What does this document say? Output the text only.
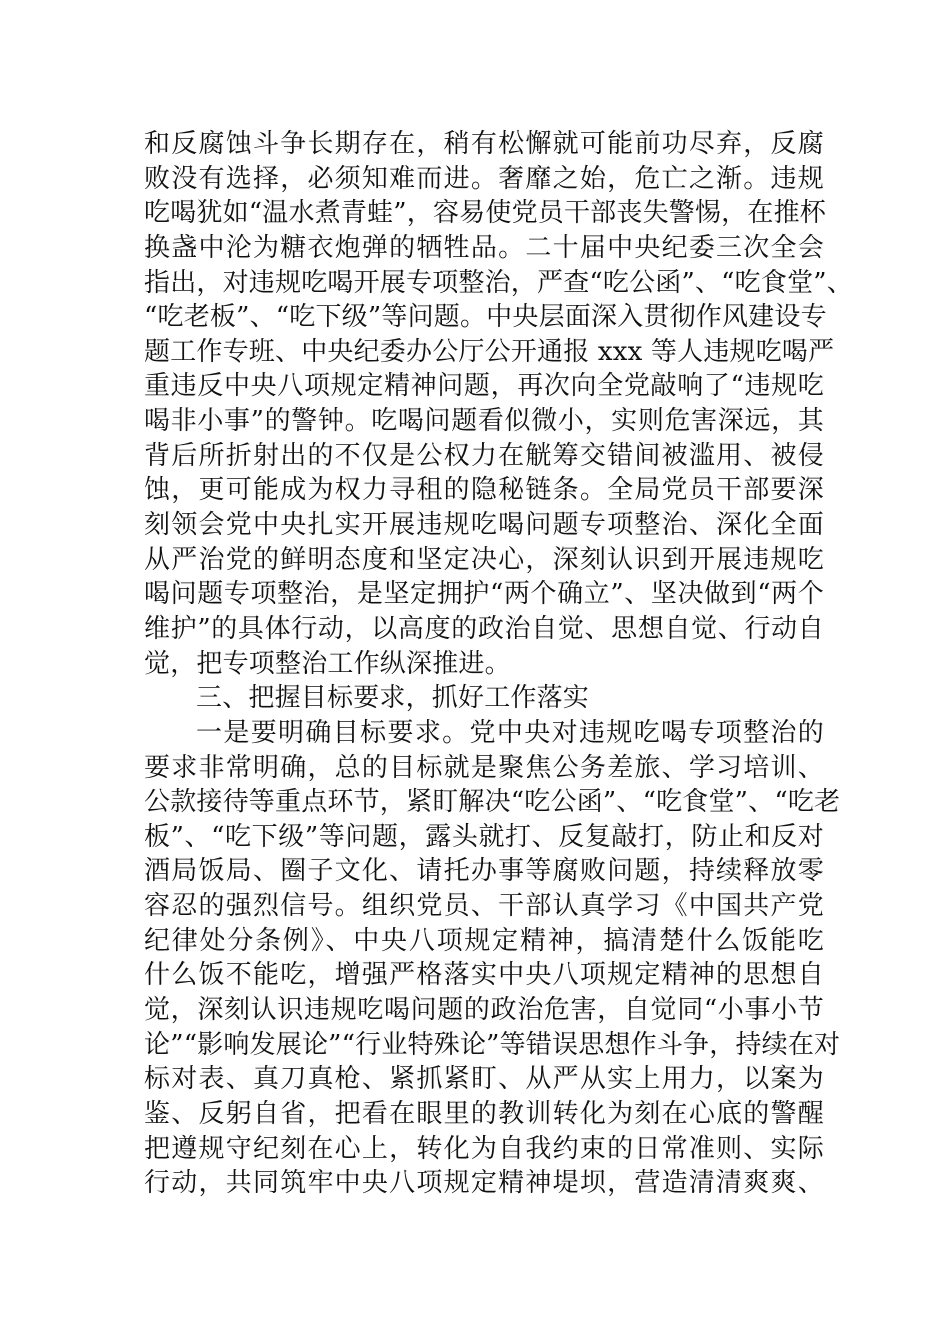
和反腐蚀斗争长期存在，稍有松懈就可能前功尽弃，反腐
败没有选择，必须知难而进。奢靡之始，危亡之渐。违规
吃喝犹如“温水煮青蛙”，容易使党员干部丧失警惕，在推杯
换盏中沦为糖衣炮弹的牺牲品。二十届中央纪委三次全会
指出，对违规吃喝开展专项整治，严查“吃公函”、“吃食堂”、
“吃老板”、“吃下级”等问题。中央层面深入贯彻作风建设专
题工作专班、中央纪委办公厅公开通报 xxx 等人违规吃喝严
重违反中央八项规定精神问题，再次向全党敲响了“违规吃
喝非小事”的警钟。吃喝问题看似微小，实则危害深远，其
背后所折射出的不仅是公权力在觥筹交错间被滥用、被侵
蚀，更可能成为权力寻租的隐秘链条。全局党员干部要深
刻领会党中央扎实开展违规吃喝问题专项整治、深化全面
从严治党的鲜明态度和坚定决心，深刻认识到开展违规吃
喝问题专项整治，是坚定拥护“两个确立”、坚决做到“两个
维护”的具体行动，以高度的政治自觉、思想自觉、行动自
觉，把专项整治工作纵深推进。
三、把握目标要求，抓好工作落实
一是要明确目标要求。党中央对违规吃喝专项整治的
要求非常明确，总的目标就是聚焦公务差旅、学习培训、
公款接待等重点环节，紧盯解决“吃公函”、“吃食堂”、“吃老
板”、“吃下级”等问题，露头就打、反复敲打，防止和反对
酒局饭局、圈子文化、请托办事等腐败问题，持续释放零
容忍的强烈信号。组织党员、干部认真学习《中国共产党
纪律处分条例》、中央八项规定精神，搞清楚什么饭能吃
什么饭不能吃，增强严格落实中央八项规定精神的思想自
觉，深刻认识违规吃喝问题的政治危害，自觉同“小事小节
论”“影响发展论”“行业特殊论”等错误思想作斗争，持续在对
标对表、真刀真枪、紧抓紧盯、从严从实上用力，以案为
鉴、反躬自省，把看在眼里的教训转化为刻在心底的警醒
把遵规守纪刻在心上，转化为自我约束的日常准则、实际
行动，共同筑牢中央八项规定精神堤坝，营造清清爽爽、
